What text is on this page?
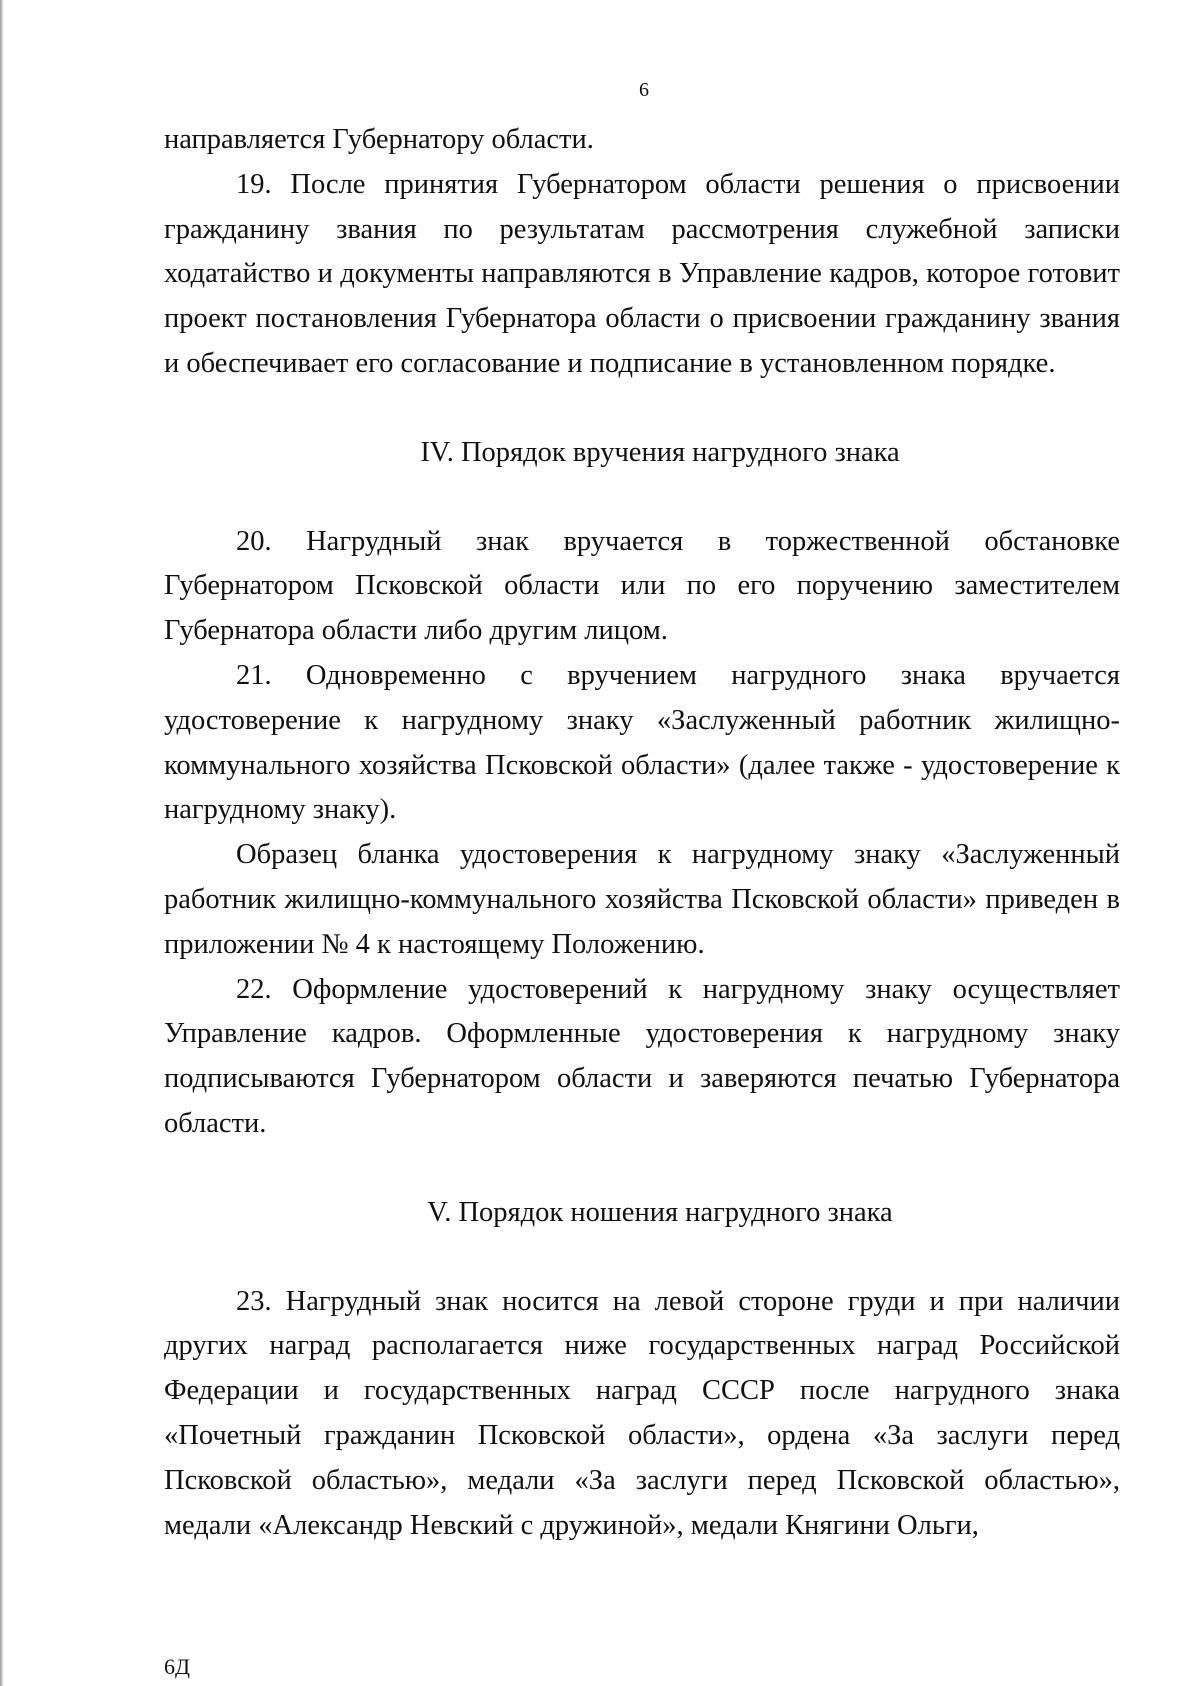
6

направляется Губернатору области.

19. После принятия Губернатором области решения о присвоении гражданину звания по результатам рассмотрения служебной записки ходатайство и документы направляются в Управление кадров, которое готовит проект постановления Губернатора области о присвоении гражданину звания и обеспечивает его согласование и подписание в установленном порядке.

IV. Порядок вручения нагрудного знака

20. Нагрудный знак вручается в торжественной обстановке Губернатором Псковской области или по его поручению заместителем Губернатора области либо другим лицом.

21. Одновременно с вручением нагрудного знака вручается удостоверение к нагрудному знаку «Заслуженный работник жилищно-коммунального хозяйства Псковской области» (далее также - удостоверение к нагрудному знаку).

Образец бланка удостоверения к нагрудному знаку «Заслуженный работник жилищно-коммунального хозяйства Псковской области» приведен в приложении № 4 к настоящему Положению.

22. Оформление удостоверений к нагрудному знаку осуществляет Управление кадров. Оформленные удостоверения к нагрудному знаку подписываются Губернатором области и заверяются печатью Губернатора области.

V. Порядок ношения нагрудного знака

23. Нагрудный знак носится на левой стороне груди и при наличии других наград располагается ниже государственных наград Российской Федерации и государственных наград СССР после нагрудного знака «Почетный гражданин Псковской области», ордена «За заслуги перед Псковской областью», медали «За заслуги перед Псковской областью», медали «Александр Невский с дружиной», медали Княгини Ольги,

6Д
